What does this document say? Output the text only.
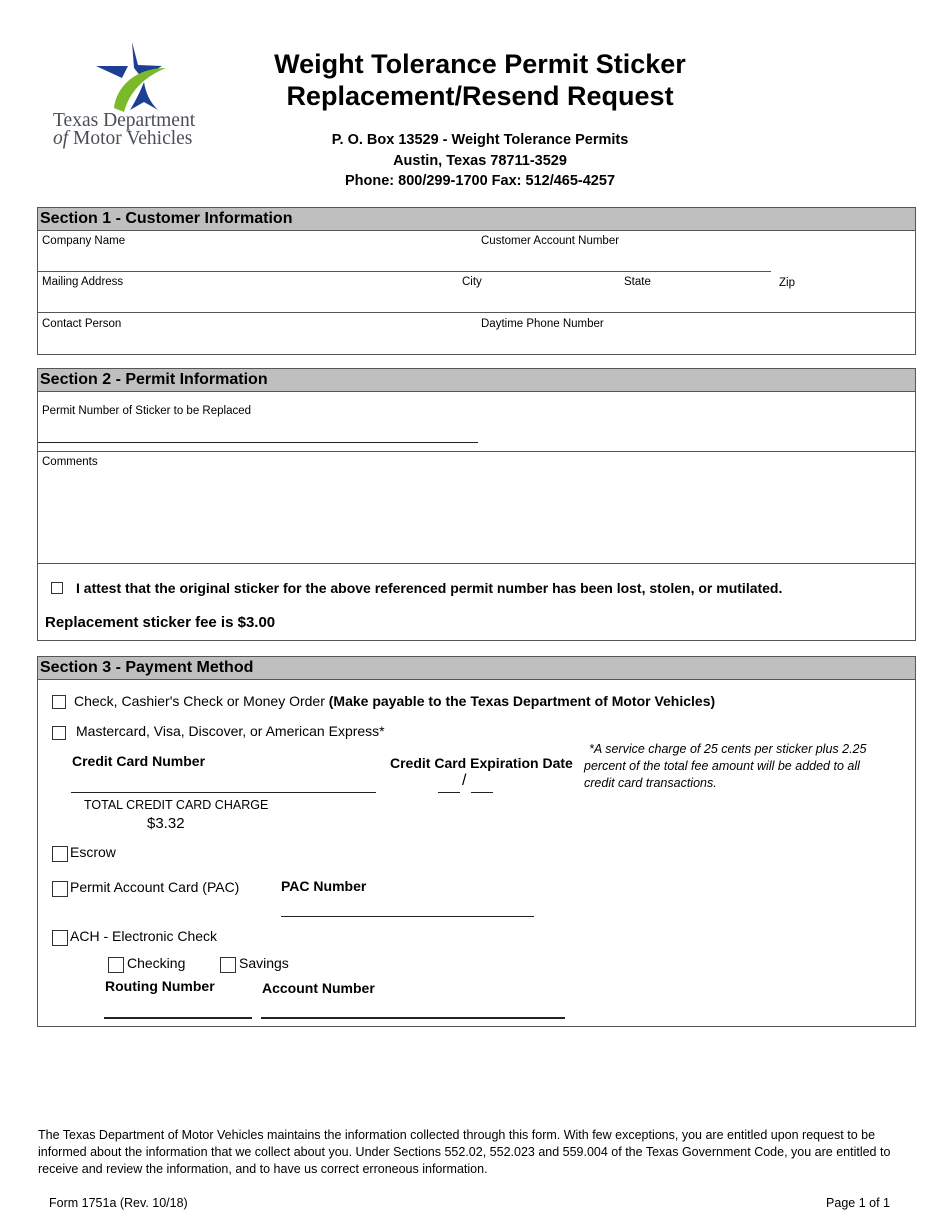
Texas Department
of Motor Vehicles
Weight Tolerance Permit Sticker
Replacement/Resend Request
P. O. Box 13529 - Weight Tolerance Permits
Austin, Texas 78711-3529
Phone: 800/299-1700 Fax: 512/465-4257
Section 1 - Customer Information
Company Name	Customer Account Number
Mailing Address	City	State	Zip
Contact Person	Daytime Phone Number
Section 2 - Permit Information
Permit Number of Sticker to be Replaced
Comments
I attest that the original sticker for the above referenced permit number has been lost, stolen, or mutilated.
Replacement sticker fee is $3.00
Section 3 - Payment Method
Check, Cashier's Check or Money Order (Make payable to the Texas Department of Motor Vehicles)
Mastercard, Visa, Discover, or American Express*
Credit Card Number	Credit Card Expiration Date
/
*A service charge of 25 cents per sticker plus 2.25 percent of the total fee amount will be added to all credit card transactions.
TOTAL CREDIT CARD CHARGE
$3.32
Escrow
Permit Account Card (PAC)	PAC Number
ACH - Electronic Check
Checking	Savings
Routing Number	Account Number
The Texas Department of Motor Vehicles maintains the information collected through this form. With few exceptions, you are entitled upon request to be informed about the information that we collect about you. Under Sections 552.02, 552.023 and 559.004 of the Texas Government Code, you are entitled to receive and review the information, and to have us correct erroneous information.
Form 1751a (Rev. 10/18)	Page 1 of 1
